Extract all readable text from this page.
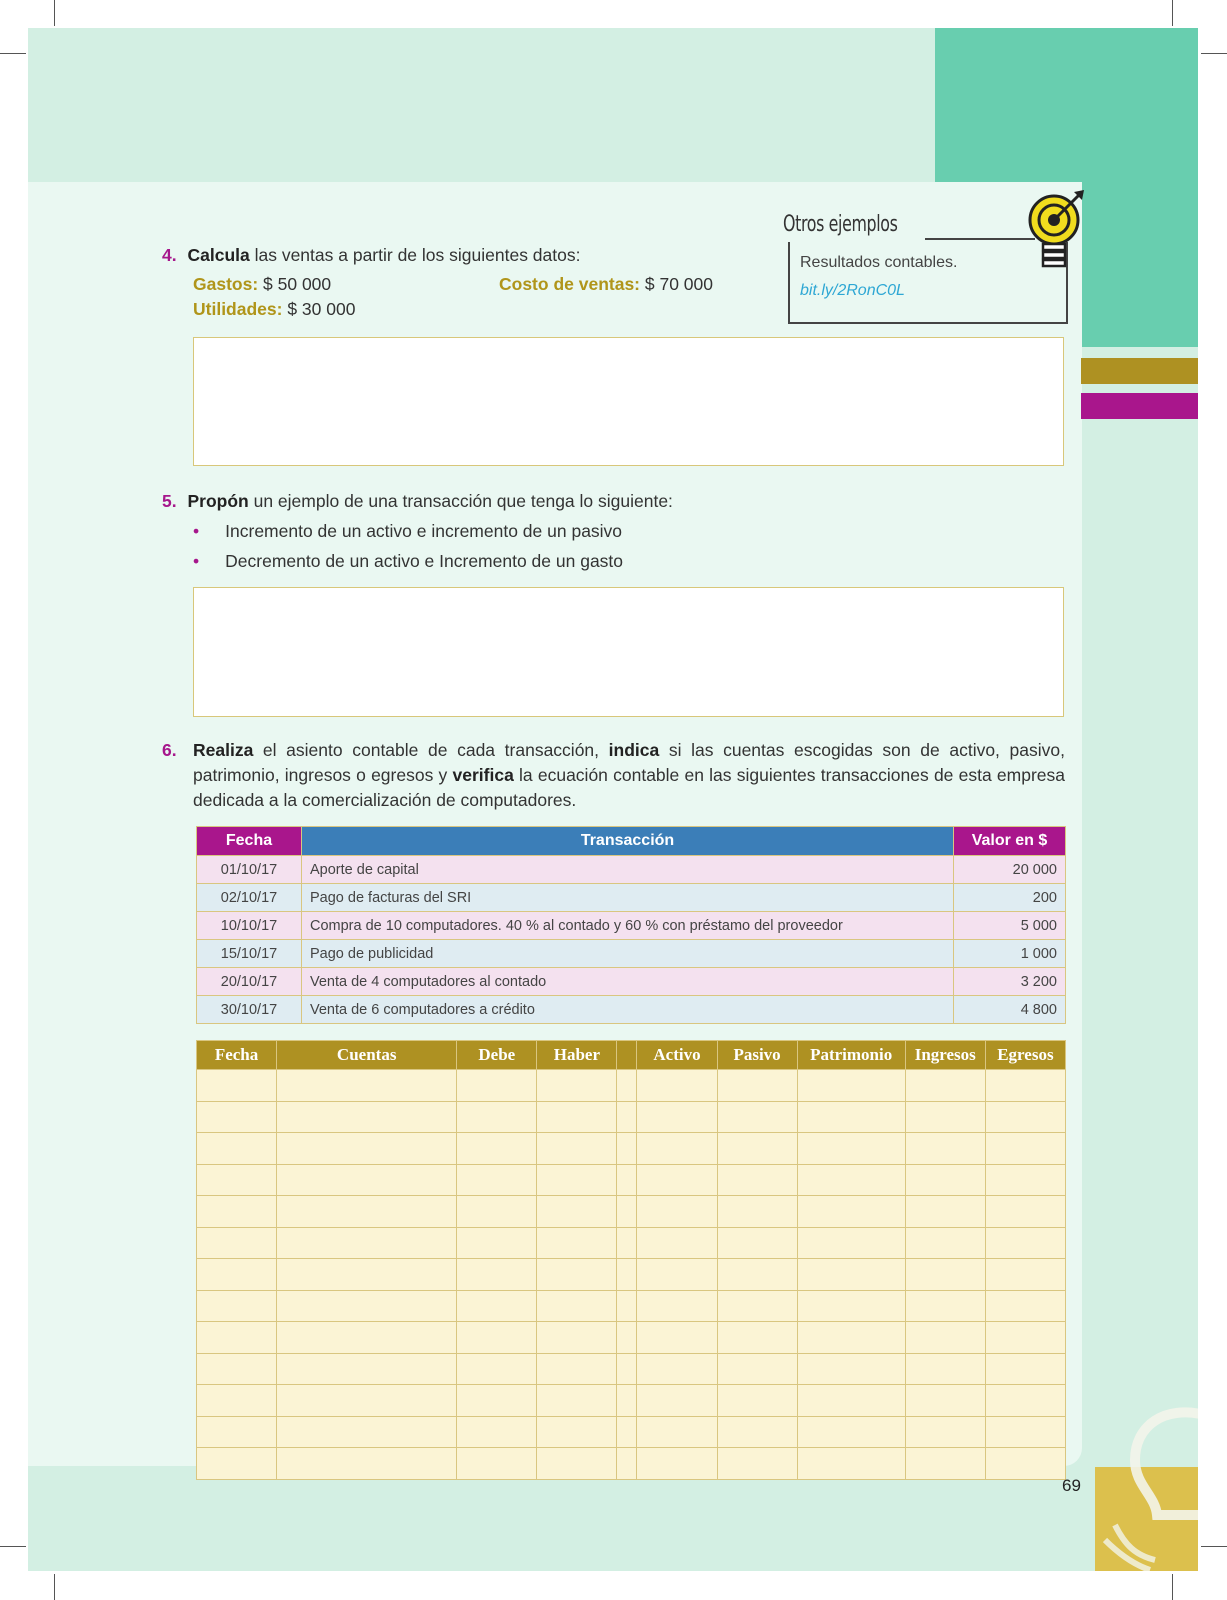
Otros ejemplos
Resultados contables.
bit.ly/2RonC0L
4. Calcula las ventas a partir de los siguientes datos:
Gastos: $ 50 000	Costo de ventas: $ 70 000
Utilidades: $ 30 000
5. Propón un ejemplo de una transacción que tenga lo siguiente:
• Incremento de un activo e incremento de un pasivo
• Decremento de un activo e Incremento de un gasto
6. Realiza el asiento contable de cada transacción, indica si las cuentas escogidas son de activo, pasivo, patrimonio, ingresos o egresos y verifica la ecuación contable en las siguientes transacciones de esta empresa dedicada a la comercialización de computadores.
Fecha	Transacción	Valor en $
01/10/17	Aporte de capital	20 000
02/10/17	Pago de facturas del SRI	200
10/10/17	Compra de 10 computadores. 40 % al contado y 60 % con préstamo del proveedor	5 000
15/10/17	Pago de publicidad	1 000
20/10/17	Venta de 4 computadores al contado	3 200
30/10/17	Venta de 6 computadores a crédito	4 800
Fecha	Cuentas	Debe	Haber		Activo	Pasivo	Patrimonio	Ingresos	Egresos

69
